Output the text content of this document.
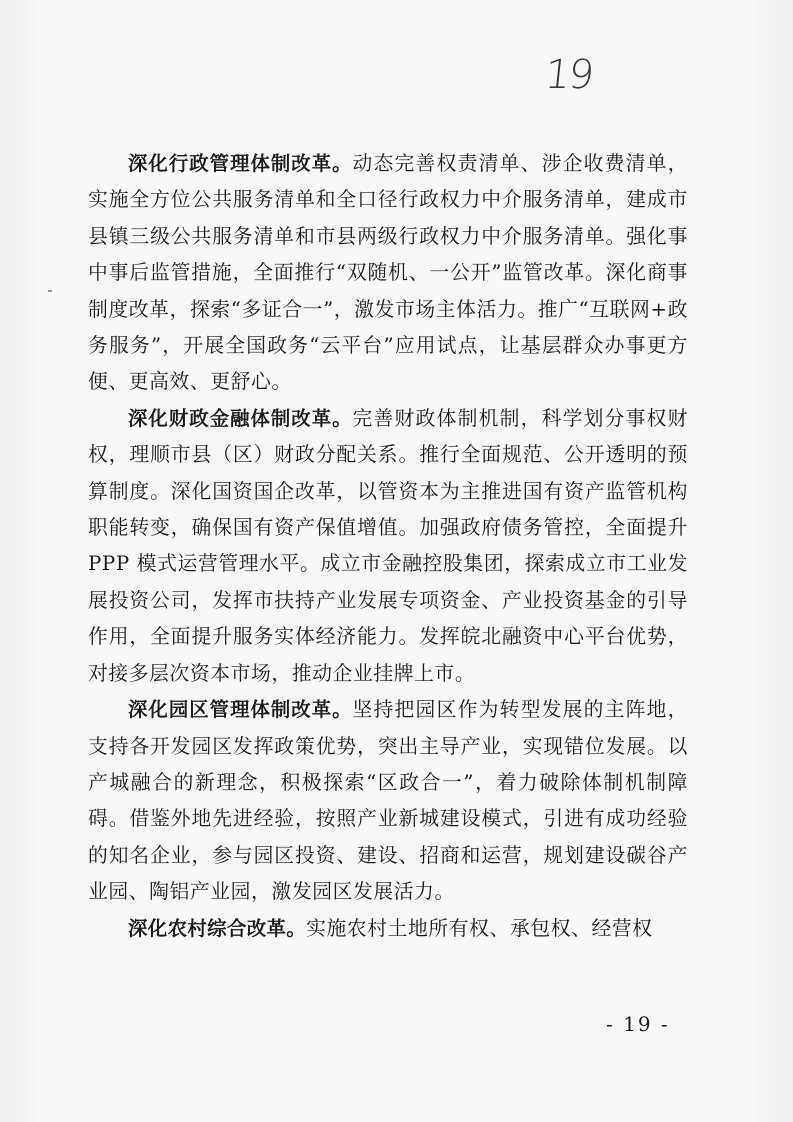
19

深化行政管理体制改革。动态完善权责清单、涉企收费清单，实施全方位公共服务清单和全口径行政权力中介服务清单，建成市县镇三级公共服务清单和市县两级行政权力中介服务清单。强化事中事后监管措施，全面推行“双随机、一公开”监管改革。深化商事制度改革，探索“多证合一”，激发市场主体活力。推广“互联网+政务服务”，开展全国政务“云平台”应用试点，让基层群众办事更方便、更高效、更舒心。

深化财政金融体制改革。完善财政体制机制，科学划分事权财权，理顺市县（区）财政分配关系。推行全面规范、公开透明的预算制度。深化国资国企改革，以管资本为主推进国有资产监管机构职能转变，确保国有资产保值增值。加强政府债务管控，全面提升 PPP 模式运营管理水平。成立市金融控股集团，探索成立市工业发展投资公司，发挥市扶持产业发展专项资金、产业投资基金的引导作用，全面提升服务实体经济能力。发挥皖北融资中心平台优势，对接多层次资本市场，推动企业挂牌上市。

深化园区管理体制改革。坚持把园区作为转型发展的主阵地，支持各开发园区发挥政策优势，突出主导产业，实现错位发展。以产城融合的新理念，积极探索“区政合一”，着力破除体制机制障碍。借鉴外地先进经验，按照产业新城建设模式，引进有成功经验的知名企业，参与园区投资、建设、招商和运营，规划建设碳谷产业园、陶铝产业园，激发园区发展活力。

深化农村综合改革。实施农村土地所有权、承包权、经营权

- 19 -
